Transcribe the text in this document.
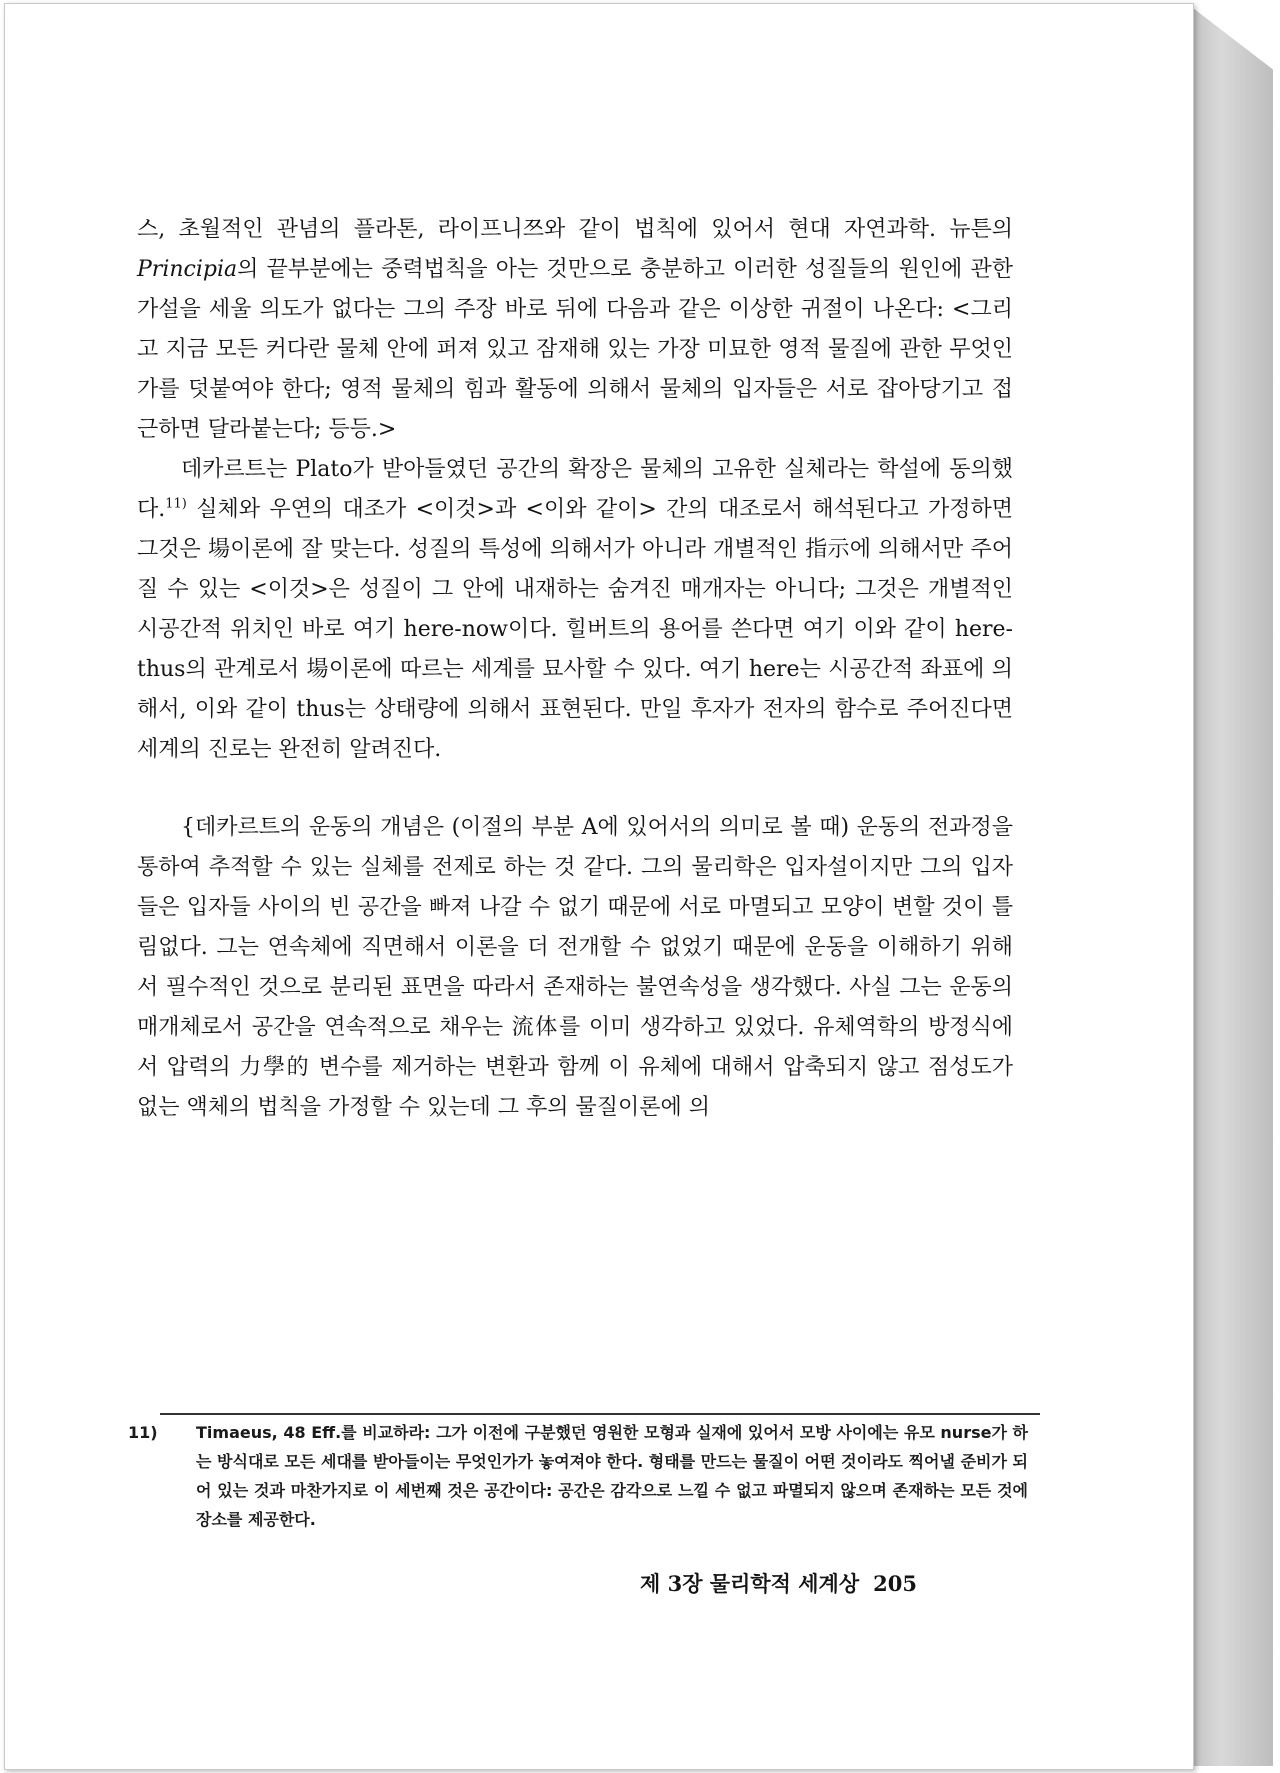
스, 초월적인 관념의 플라톤, 라이프니쯔와 같이 법칙에 있어서 현대 자연과학. 뉴튼의 Principia의 끝부분에는 중력법칙을 아는 것만으로 충분하고 이러한 성질들의 원인에 관한 가설을 세울 의도가 없다는 그의 주장 바로 뒤에 다음과 같은 이상한 귀절이 나온다: <그리고 지금 모든 커다란 물체 안에 퍼져 있고 잠재해 있는 가장 미묘한 영적 물질에 관한 무엇인가를 덧붙여야 한다; 영적 물체의 힘과 활동에 의해서 물체의 입자들은 서로 잡아당기고 접근하면 달라붙는다; 등등.>

데카르트는 Plato가 받아들였던 공간의 확장은 물체의 고유한 실체라는 학설에 동의했다.$^{11)}$ 실체와 우연의 대조가 <이것>과 <이와 같이> 간의 대조로서 해석된다고 가정하면 그것은 場이론에 잘 맞는다. 성질의 특성에 의해서가 아니라 개별적인 指示에 의해서만 주어질 수 있는 <이것>은 성질이 그 안에 내재하는 숨겨진 매개자는 아니다; 그것은 개별적인 시공간적 위치인 바로 여기 here-now이다. 힐버트의 용어를 쓴다면 여기 이와 같이 here-thus의 관계로서 場이론에 따르는 세계를 묘사할 수 있다. 여기 here는 시공간적 좌표에 의해서, 이와 같이 thus는 상태량에 의해서 표현된다. 만일 후자가 전자의 함수로 주어진다면 세계의 진로는 완전히 알려진다.

{데카르트의 운동의 개념은 (이절의 부분 A에 있어서의 의미로 볼 때) 운동의 전과정을 통하여 추적할 수 있는 실체를 전제로 하는 것 같다. 그의 물리학은 입자설이지만 그의 입자들은 입자들 사이의 빈 공간을 빠져 나갈 수 없기 때문에 서로 마멸되고 모양이 변할 것이 틀림없다. 그는 연속체에 직면해서 이론을 더 전개할 수 없었기 때문에 운동을 이해하기 위해서 필수적인 것으로 분리된 표면을 따라서 존재하는 불연속성을 생각했다. 사실 그는 운동의 매개체로서 공간을 연속적으로 채우는 流体를 이미 생각하고 있었다. 유체역학의 방정식에서 압력의 力學的 변수를 제거하는 변환과 함께 이 유체에 대해서 압축되지 않고 점성도가 없는 액체의 법칙을 가정할 수 있는데 그 후의 물질이론에 의

11) Timaeus, 48 Eff.를 비교하라: 그가 이전에 구분했던 영원한 모형과 실재에 있어서 모방 사이에는 유모 nurse가 하는 방식대로 모든 세대를 받아들이는 무엇인가가 놓여져야 한다. 형태를 만드는 물질이 어떤 것이라도 찍어낼 준비가 되어 있는 것과 마찬가지로 이 세번째 것은 공간이다: 공간은 감각으로 느낄 수 없고 파멸되지 않으며 존재하는 모든 것에 장소를 제공한다.

제 3장 물리학적 세계상 205
